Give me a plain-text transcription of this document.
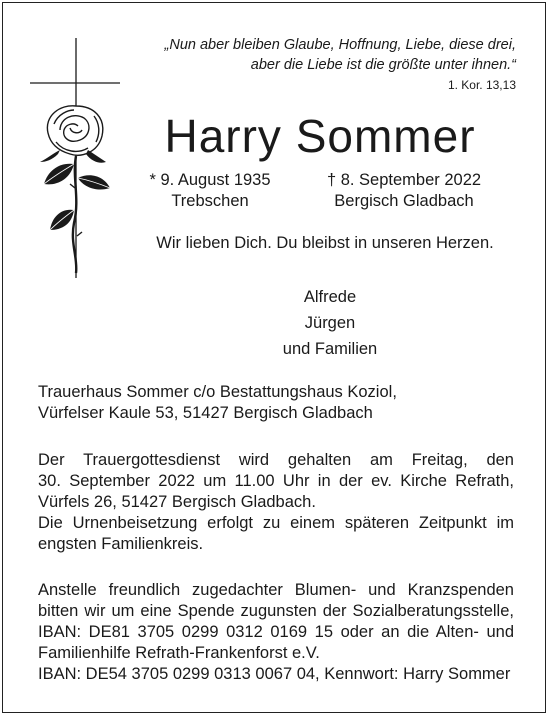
„Nun aber bleiben Glaube, Hoffnung, Liebe, diese drei,
aber die Liebe ist die größte unter ihnen.“
1. Kor. 13,13
Harry Sommer
* 9. August 1935
Trebschen
† 8. September 2022
Bergisch Gladbach
Wir lieben Dich. Du bleibst in unseren Herzen.
Alfrede
Jürgen
und Familien
Trauerhaus Sommer c/o Bestattungshaus Koziol,
Vürfelser Kaule 53, 51427 Bergisch Gladbach
Der Trauergottesdienst wird gehalten am Freitag, den
30. September 2022 um 11.00 Uhr in der ev. Kirche Refrath,
Vürfels 26, 51427 Bergisch Gladbach.
Die Urnenbeisetzung erfolgt zu einem späteren Zeitpunkt im
engsten Familienkreis.
Anstelle freundlich zugedachter Blumen- und Kranzspenden
bitten wir um eine Spende zugunsten der Sozialberatungsstelle,
IBAN: DE81 3705 0299 0312 0169 15 oder an die Alten- und
Familienhilfe Refrath-Frankenforst e.V.
IBAN: DE54 3705 0299 0313 0067 04, Kennwort: Harry Sommer
